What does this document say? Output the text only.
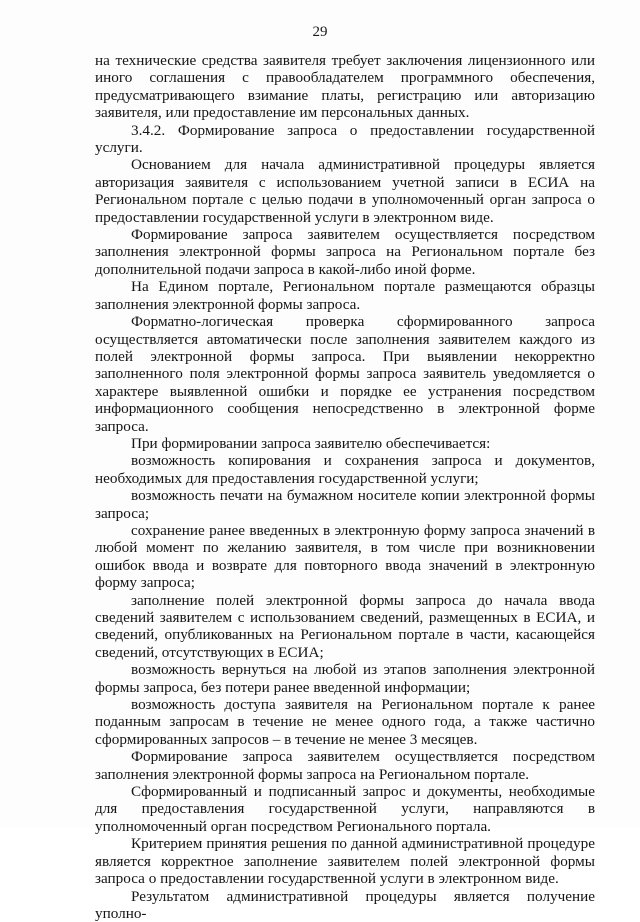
29

на технические средства заявителя требует заключения лицензионного или иного соглашения с правообладателем программного обеспечения, предусматривающего взимание платы, регистрацию или авторизацию заявителя, или предоставление им персональных данных.

3.4.2. Формирование запроса о предоставлении государственной услуги.

Основанием для начала административной процедуры является авторизация заявителя с использованием учетной записи в ЕСИА на Региональном портале с целью подачи в уполномоченный орган запроса о предоставлении государственной услуги в электронном виде.

Формирование запроса заявителем осуществляется посредством заполнения электронной формы запроса на Региональном портале без дополнительной подачи запроса в какой-либо иной форме.

На Едином портале, Региональном портале размещаются образцы заполнения электронной формы запроса.

Форматно-логическая проверка сформированного запроса осуществляется автоматически после заполнения заявителем каждого из полей электронной формы запроса. При выявлении некорректно заполненного поля электронной формы запроса заявитель уведомляется о характере выявленной ошибки и порядке ее устранения посредством информационного сообщения непосредственно в электронной форме запроса.

При формировании запроса заявителю обеспечивается:

возможность копирования и сохранения запроса и документов, необходимых для предоставления государственной услуги;

возможность печати на бумажном носителе копии электронной формы запроса;

сохранение ранее введенных в электронную форму запроса значений в любой момент по желанию заявителя, в том числе при возникновении ошибок ввода и возврате для повторного ввода значений в электронную форму запроса;

заполнение полей электронной формы запроса до начала ввода сведений заявителем с использованием сведений, размещенных в ЕСИА, и сведений, опубликованных на Региональном портале в части, касающейся сведений, отсутствующих в ЕСИА;

возможность вернуться на любой из этапов заполнения электронной формы запроса, без потери ранее введенной информации;

возможность доступа заявителя на Региональном портале к ранее поданным запросам в течение не менее одного года, а также частично сформированных запросов – в течение не менее 3 месяцев.

Формирование запроса заявителем осуществляется посредством заполнения электронной формы запроса на Региональном портале.

Сформированный и подписанный запрос и документы, необходимые для предоставления государственной услуги, направляются в уполномоченный орган посредством Регионального портала.

Критерием принятия решения по данной административной процедуре является корректное заполнение заявителем полей электронной формы запроса о предоставлении государственной услуги в электронном виде.

Результатом административной процедуры является получение уполно-
